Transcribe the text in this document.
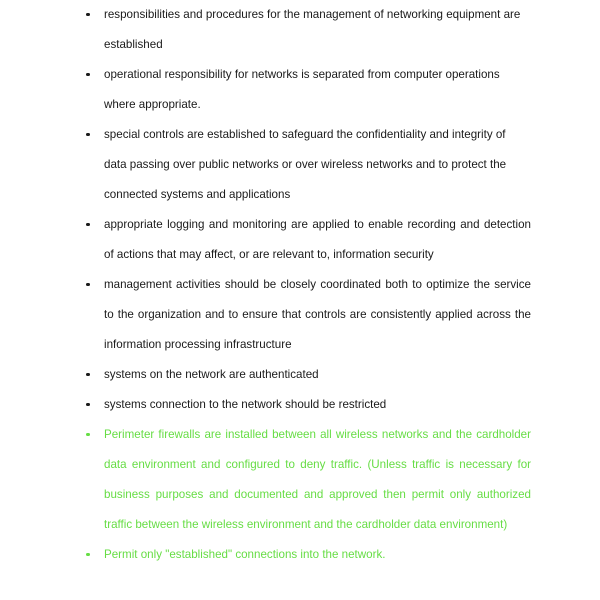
responsibilities and procedures for the management of networking equipment are established
operational responsibility for networks is separated from computer operations where appropriate.
special controls are established to safeguard the confidentiality and integrity of data passing over public networks or over wireless networks and to protect the connected systems and applications
appropriate logging and monitoring are applied to enable recording and detection of actions that may affect, or are relevant to, information security
management activities should be closely coordinated both to optimize the service to the organization and to ensure that controls are consistently applied across the information processing infrastructure
systems on the network are authenticated
systems connection to the network should be restricted
Perimeter firewalls are installed between all wireless networks and the cardholder data environment and configured to deny traffic. (Unless traffic is necessary for business purposes and documented and approved then permit only authorized traffic between the wireless environment and the cardholder data environment)
Permit only "established" connections into the network.
